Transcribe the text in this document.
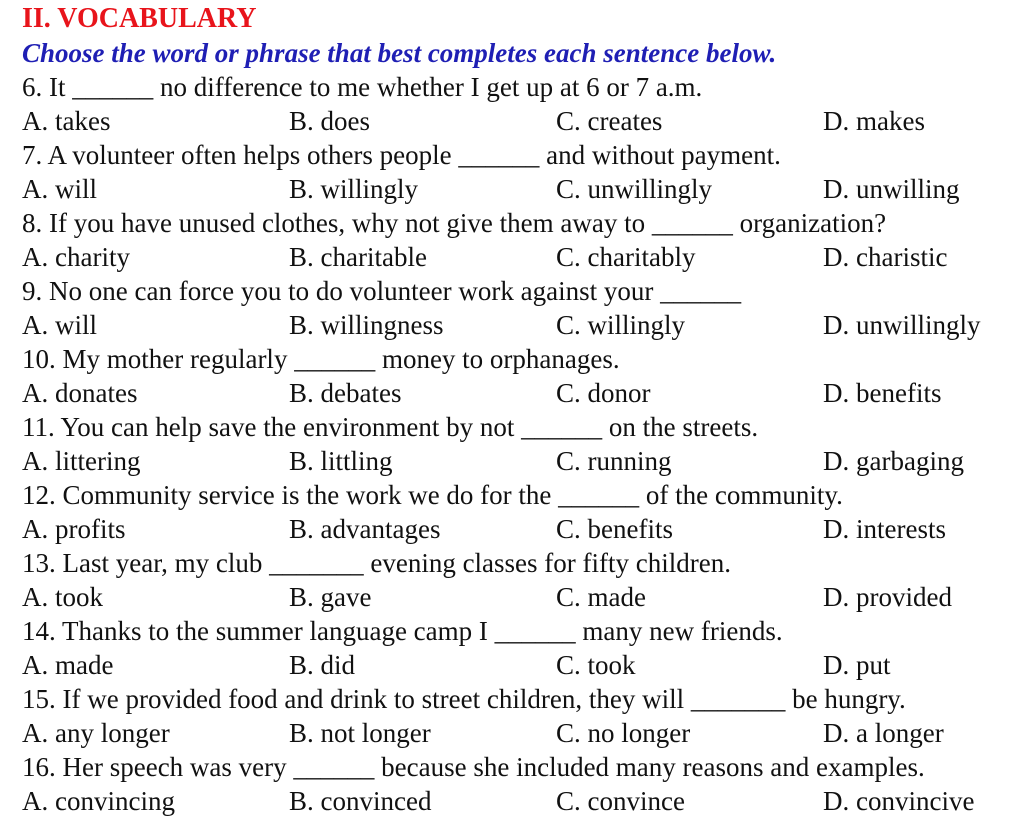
II. VOCABULARY

Choose the word or phrase that best completes each sentence below.

6. It ______ no difference to me whether I get up at 6 or 7 a.m.
A. takes	B. does	C. creates	D. makes
7. A volunteer often helps others people ______ and without payment.
A. will	B. willingly	C. unwillingly	D. unwilling
8. If you have unused clothes, why not give them away to ______ organization?
A. charity	B. charitable	C. charitably	D. charistic
9. No one can force you to do volunteer work against your ______
A. will	B. willingness	C. willingly	D. unwillingly
10. My mother regularly ______ money to orphanages.
A. donates	B. debates	C. donor	D. benefits
11. You can help save the environment by not ______ on the streets.
A. littering	B. littling	C. running	D. garbaging
12. Community service is the work we do for the ______ of the community.
A. profits	B. advantages	C. benefits	D. interests
13. Last year, my club _______ evening classes for fifty children.
A. took	B. gave	C. made	D. provided
14. Thanks to the summer language camp I ______ many new friends.
A. made	B. did	C. took	D. put
15. If we provided food and drink to street children, they will _______ be hungry.
A. any longer	B. not longer	C. no longer	D. a longer
16. Her speech was very ______ because she included many reasons and examples.
A. convincing	B. convinced	C. convince	D. convincive
